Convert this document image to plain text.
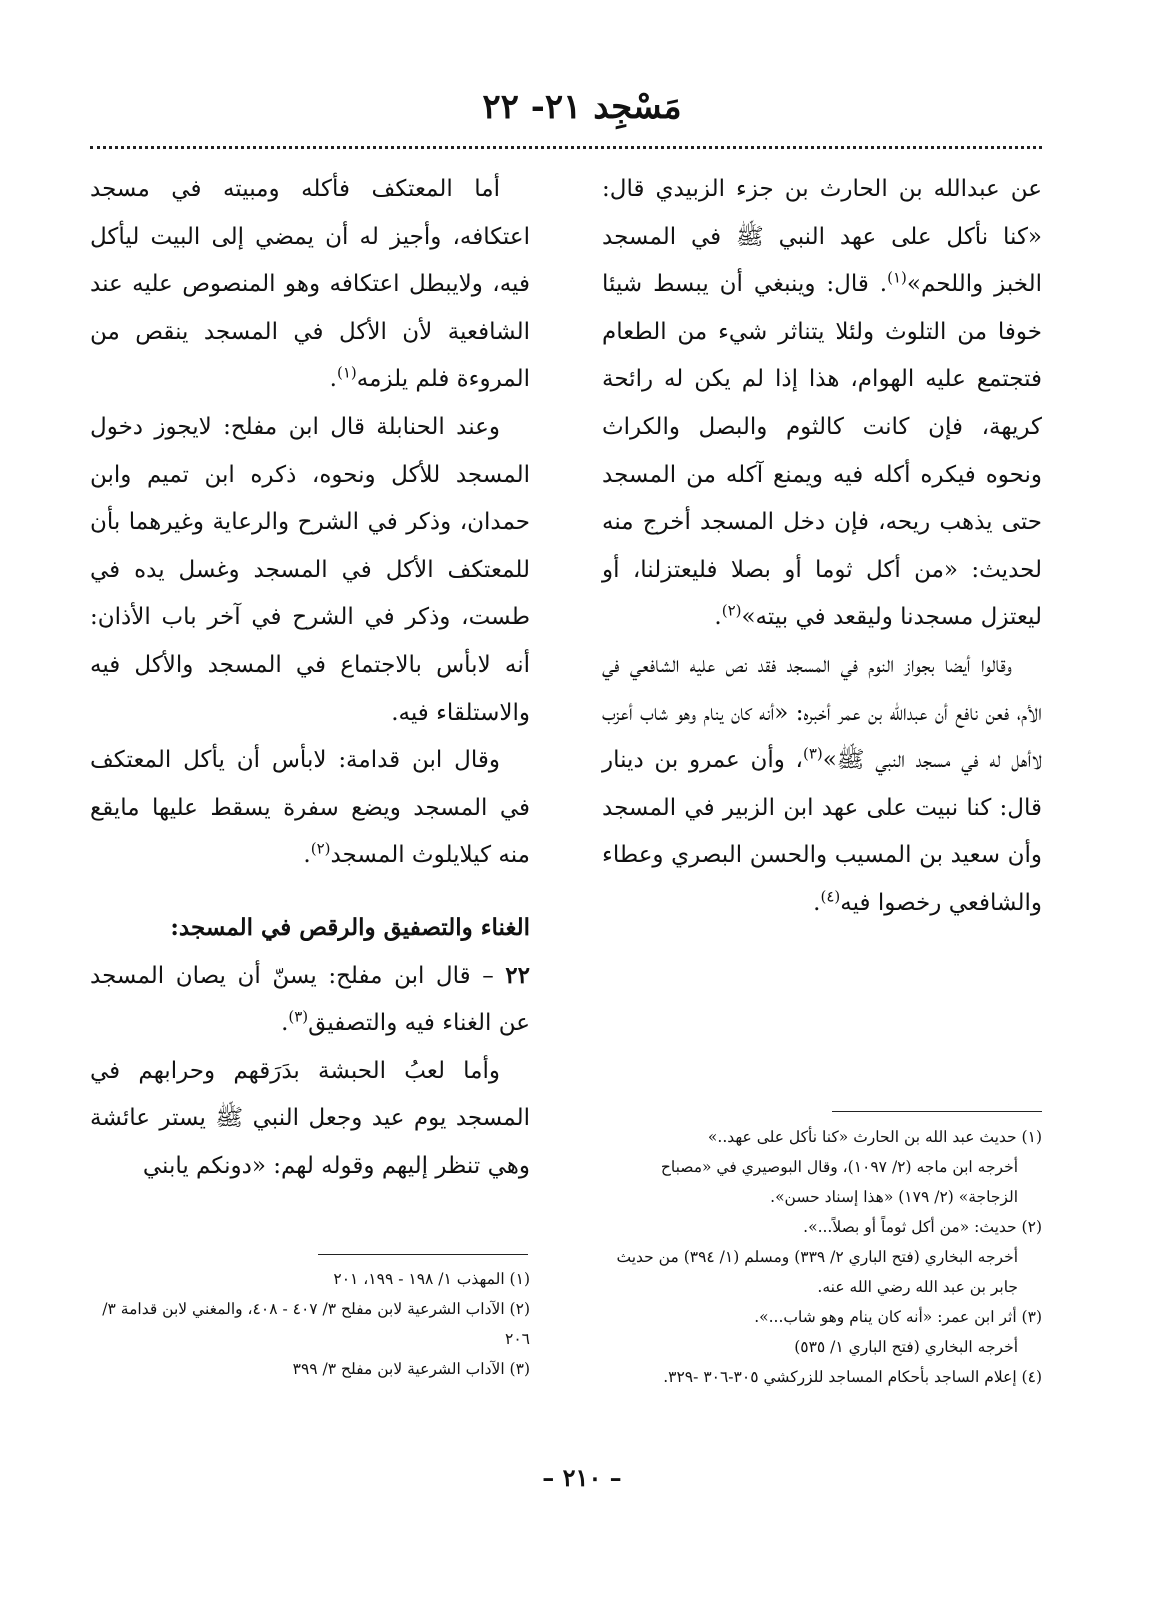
مَسْجِد ٢١- ٢٢

عن عبدالله بن الحارث بن جزء الزبيدي قال: «كنا نأكل على عهد النبي ﷺ في المسجد الخبز واللحم»$^{(١)}$. قال: وينبغي أن يبسط شيئا خوفا من التلوث ولئلا يتناثر شيء من الطعام فتجتمع عليه الهوام، هذا إذا لم يكن له رائحة كريهة، فإن كانت كالثوم والبصل والكراث ونحوه فيكره أكله فيه ويمنع آكله من المسجد حتى يذهب ريحه، فإن دخل المسجد أخرج منه لحديث: «من أكل ثوما أو بصلا فليعتزلنا، أو ليعتزل مسجدنا وليقعد في بيته»$^{(٢)}$.

وقالوا أيضا بجواز النوم في المسجد فقد نص عليه الشافعي في الأم، فعن نافع أن عبدالله بن عمر أخبره: «أنه كان ينام وهو شاب أعزب لاأهل له في مسجد النبي ﷺ»$^{(٣)}$، وأن عمرو بن دينار قال: كنا نبيت على عهد ابن الزبير في المسجد وأن سعيد بن المسيب والحسن البصري وعطاء والشافعي رخصوا فيه$^{(٤)}$.

أما المعتكف فأكله ومبيته في مسجد اعتكافه، وأجيز له أن يمضي إلى البيت ليأكل فيه، ولايبطل اعتكافه وهو المنصوص عليه عند الشافعية لأن الأكل في المسجد ينقص من المروءة فلم يلزمه$^{(١)}$.

وعند الحنابلة قال ابن مفلح: لايجوز دخول المسجد للأكل ونحوه، ذكره ابن تميم وابن حمدان، وذكر في الشرح والرعاية وغيرهما بأن للمعتكف الأكل في المسجد وغسل يده في طست، وذكر في الشرح في آخر باب الأذان: أنه لابأس بالاجتماع في المسجد والأكل فيه والاستلقاء فيه.

وقال ابن قدامة: لابأس أن يأكل المعتكف في المسجد ويضع سفرة يسقط عليها مايقع منه كيلايلوث المسجد$^{(٢)}$.

الغناء والتصفيق والرقص في المسجد:

٢٢ – قال ابن مفلح: يسنّ أن يصان المسجد عن الغناء فيه والتصفيق$^{(٣)}$.

وأما لعبُ الحبشة بدَرَقهم وحرابهم في المسجد يوم عيد وجعل النبي ﷺ يستر عائشة وهي تنظر إليهم وقوله لهم: «دونكم يابني

(١) حديث عبد الله بن الحارث «كنا نأكل على عهد..»

أخرجه ابن ماجه (٢/ ١٠٩٧)، وقال البوصيري في «مصباح الزجاجة» (٢/ ١٧٩) «هذا إسناد حسن».

(٢) حديث: «من أكل ثوماً أو بصلاً...».

أخرجه البخاري (فتح الباري ٢/ ٣٣٩) ومسلم (١/ ٣٩٤) من حديث جابر بن عبد الله رضي الله عنه.

(٣) أثر ابن عمر: «أنه كان ينام وهو شاب...».

أخرجه البخاري (فتح الباري ١/ ٥٣٥)

(٤) إعلام الساجد بأحكام المساجد للزركشي ٣٠٥-٣٠٦ -٣٢٩.

(١) المهذب ١/ ١٩٨ - ١٩٩، ٢٠١

(٢) الآداب الشرعية لابن مفلح ٣/ ٤٠٧ - ٤٠٨، والمغني لابن قدامة ٣/ ٢٠٦

(٣) الآداب الشرعية لابن مفلح ٣/ ٣٩٩

– ٢١٠ –
